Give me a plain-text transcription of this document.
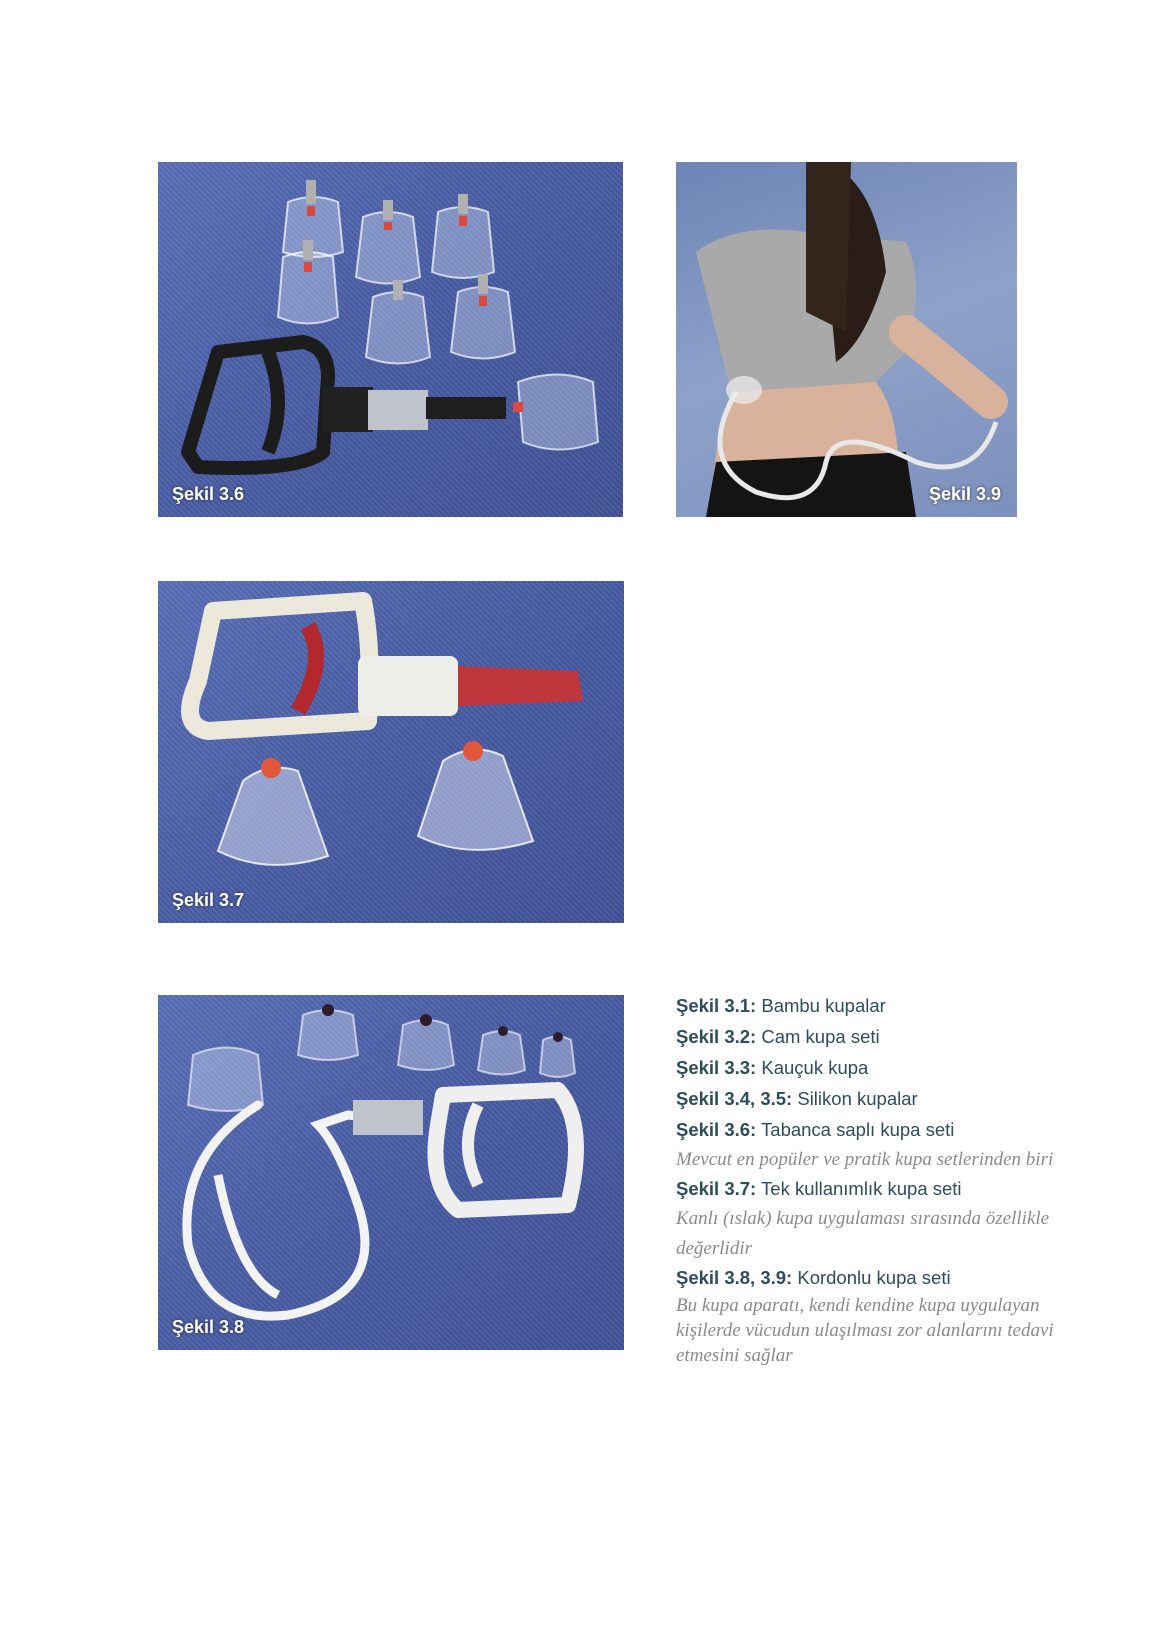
Şekil 3.6	Şekil 3.9
Şekil 3.7
Şekil 3.8
Şekil 3.1: Bambu kupalar
Şekil 3.2: Cam kupa seti
Şekil 3.3: Kauçuk kupa
Şekil 3.4, 3.5: Silikon kupalar
Şekil 3.6: Tabanca saplı kupa seti
Mevcut en popüler ve pratik kupa setlerinden biri
Şekil 3.7: Tek kullanımlık kupa seti
Kanlı (ıslak) kupa uygulaması sırasında özellikle değerlidir
Şekil 3.8, 3.9: Kordonlu kupa seti
Bu kupa aparatı, kendi kendine kupa uygulayan kişilerde vücudun ulaşılması zor alanlarını tedavi etmesini sağlar
